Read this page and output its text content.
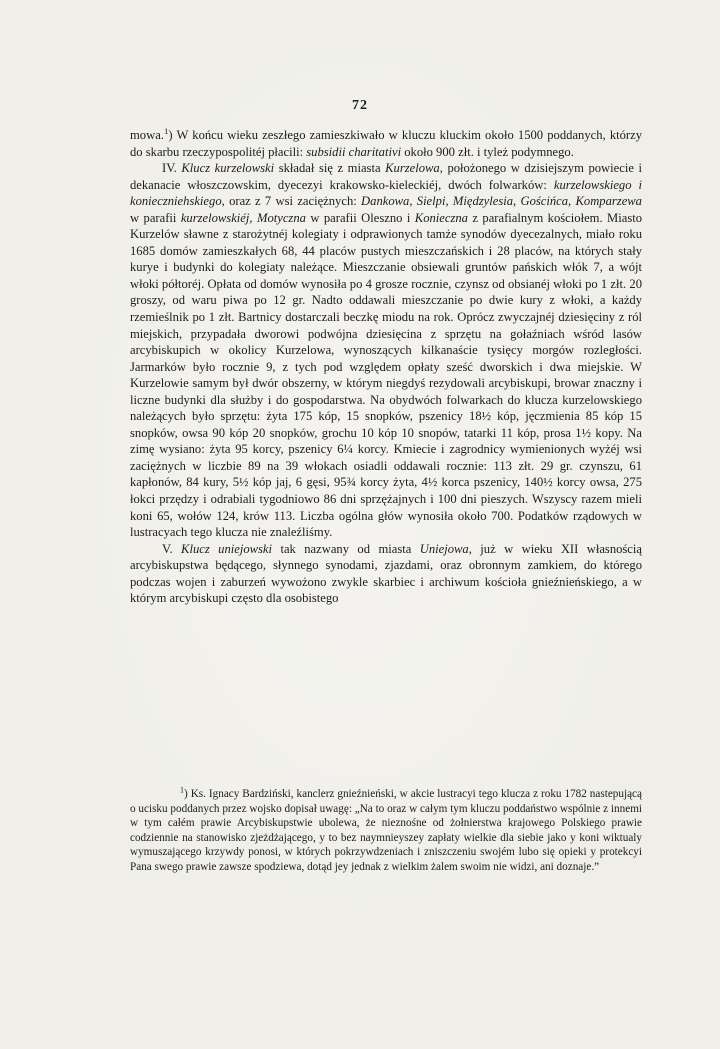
72

mowa.$^1$) W końcu wieku zeszłego zamieszkiwało w kluczu kluckim około 1500 poddanych, którzy do skarbu rzeczypospolitéj płacili: subsidii charitativi około 900 złt. i tyleż podymnego.

IV. Klucz kurzelowski składał się z miasta Kurzelowa, położonego w dzisiejszym powiecie i dekanacie włoszczowskim, dyecezyi krakowsko-kieleckiéj, dwóch folwarków: kurzelowskiego i konieczniehskiego, oraz z 7 wsi zaciężnych: Dankowa, Sielpi, Międzylesia, Gościńca, Komparzewa w parafii kurzelowskiéj, Motyczna w parafii Oleszno i Konieczna z parafialnym kościołem. Miasto Kurzelów sławne z starożytnéj kolegiaty i odprawionych tamże synodów dyecezalnych, miało roku 1685 domów zamieszkałych 68, 44 placów pustych mieszczańskich i 28 placów, na których stały kurye i budynki do kolegiaty należące. Mieszczanie obsiewali gruntów pańskich włók 7, a wójt włoki półtoréj. Opłata od domów wynosiła po 4 grosze rocznie, czynsz od obsianéj włoki po 1 złt. 20 groszy, od waru piwa po 12 gr. Nadto oddawali mieszczanie po dwie kury z włoki, a każdy rzemieślnik po 1 złt. Bartnicy dostarczali beczkę miodu na rok. Oprócz zwyczajnéj dziesięciny z ról miejskich, przypadała dworowi podwójna dziesięcina z sprzętu na gołaźniach wśród lasów arcybiskupich w okolicy Kurzelowa, wynoszących kilkanaście tysięcy morgów rozległości. Jarmarków było rocznie 9, z tych pod względem opłaty sześć dworskich i dwa miejskie. W Kurzelowie samym był dwór obszerny, w którym niegdyś rezydowali arcybiskupi, browar znaczny i liczne budynki dla służby i do gospodarstwa. Na obydwóch folwarkach do klucza kurzelowskiego należących było sprzętu: żyta 175 kóp, 15 snopków, pszenicy 18½ kóp, jęczmienia 85 kóp 15 snopków, owsa 90 kóp 20 snopków, grochu 10 kóp 10 snopów, tatarki 11 kóp, prosa 1½ kopy. Na zimę wysiano: żyta 95 korcy, pszenicy 6¼ korcy. Kmiecie i zagrodnicy wymienionych wyżéj wsi zaciężnych w liczbie 89 na 39 włokach osiadli oddawali rocznie: 113 złt. 29 gr. czynszu, 61 kapłonów, 84 kury, 5½ kóp jaj, 6 gęsi, 95¾ korcy żyta, 4½ korca pszenicy, 140½ korcy owsa, 275 łokci przędzy i odrabiali tygodniowo 86 dni sprzężajnych i 100 dni pieszych. Wszyscy razem mieli koni 65, wołów 124, krów 113. Liczba ogólna głów wynosiła około 700. Podatków rządowych w lustracyach tego klucza nie znaleźliśmy.

V. Klucz uniejowski tak nazwany od miasta Uniejowa, już w wieku XII własnością arcybiskupstwa będącego, słynnego synodami, zjazdami, oraz obronnym zamkiem, do którego podczas wojen i zaburzeń wywożono zwykle skarbiec i archiwum kościoła gnieźnieńskiego, a w którym arcybiskupi często dla osobistego

$^1$) Ks. Ignacy Bardziński, kanclerz gnieźnieński, w akcie lustracyi tego klucza z roku 1782 nastepującą o ucisku poddanych przez wojsko dopisał uwagę: „Na to oraz w całym tym kluczu poddaństwo wspólnie z innemi w tym całém prawie Arcybiskupstwie ubolewa, że nieznośne od żołnierstwa krajowego Polskiego prawie codziennie na stanowisko zjeżdżającego, y to bez naymnieyszey zapłaty wielkie dla siebie jako y koni wiktualy wymuszającego krzywdy ponosi, w których pokrzywdzeniach i zniszczeniu swojém lubo się opieki y protekcyi Pana swego prawie zawsze spodziewa, dotąd jey jednak z wielkim żalem swoim nie widzi, ani doznaje.”
